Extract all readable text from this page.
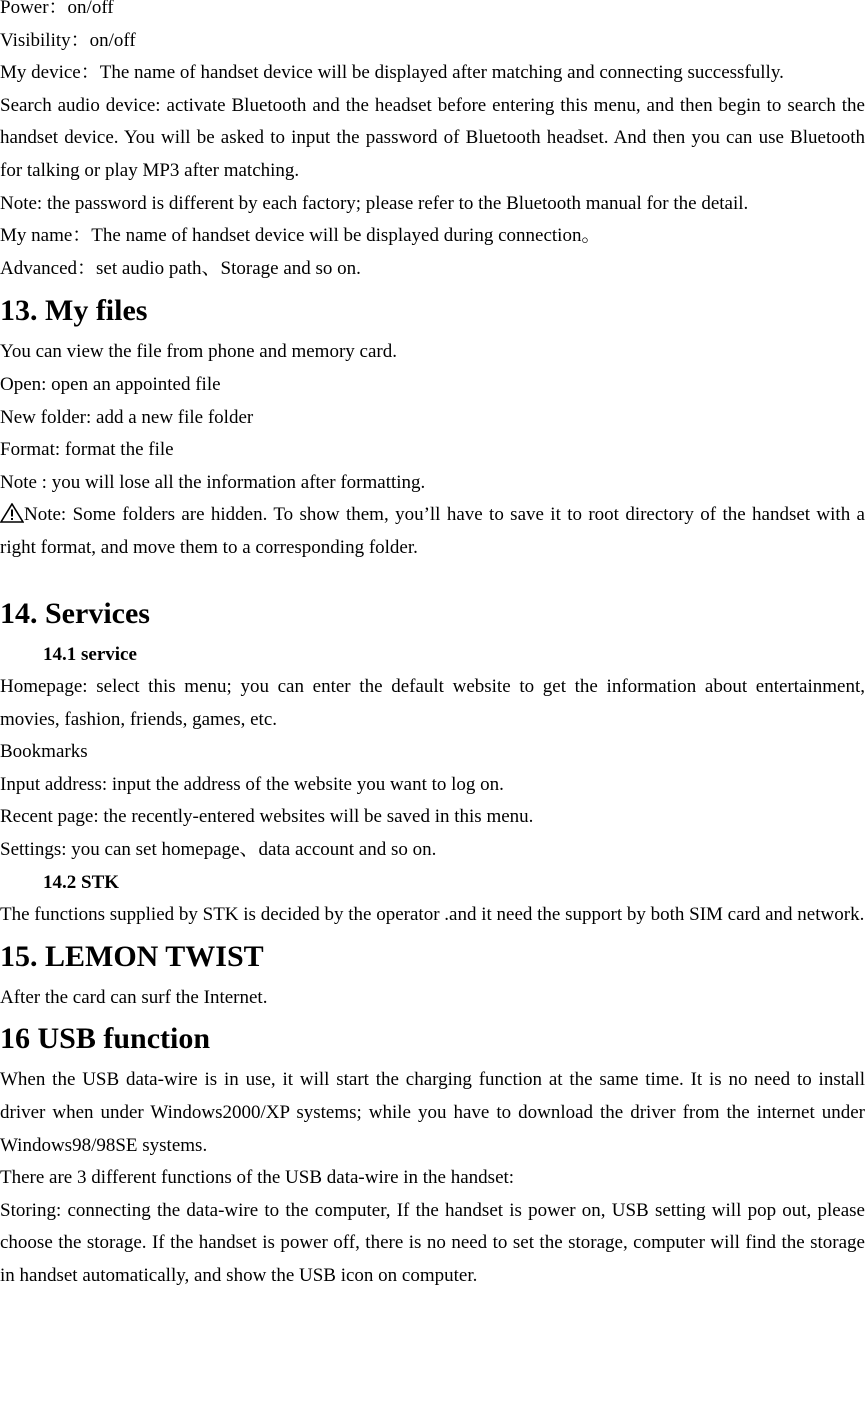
Power：on/off

Visibility：on/off

My device：The name of handset device will be displayed after matching and connecting successfully.

Search audio device: activate Bluetooth and the headset before entering this menu, and then begin to search the handset device. You will be asked to input the password of Bluetooth headset. And then you can use Bluetooth for talking or play MP3 after matching.

Note: the password is different by each factory; please refer to the Bluetooth manual for the detail.

My name：The name of handset device will be displayed during connection。

Advanced：set audio path、Storage and so on.

13. My files

You can view the file from phone and memory card.

Open: open an appointed file

New folder: add a new file folder

Format: format the file

Note : you will lose all the information after formatting.

Note: Some folders are hidden. To show them, you’ll have to save it to root directory of the handset with a right format, and move them to a corresponding folder.

14. Services
14.1 service

Homepage: select this menu; you can enter the default website to get the information about entertainment, movies, fashion, friends, games, etc.

Bookmarks

Input address: input the address of the website you want to log on.

Recent page: the recently-entered websites will be saved in this menu.

Settings: you can set homepage、data account and so on.

14.2 STK

The functions supplied by STK is decided by the operator .and it need the support by both SIM card and network.

15. LEMON TWIST

After the card can surf the Internet.

16 USB function

When the USB data-wire is in use, it will start the charging function at the same time. It is no need to install driver when under Windows2000/XP systems; while you have to download the driver from the internet under Windows98/98SE systems.

There are 3 different functions of the USB data-wire in the handset:

Storing: connecting the data-wire to the computer, If the handset is power on, USB setting will pop out, please choose the storage. If the handset is power off, there is no need to set the storage, computer will find the storage in handset automatically, and show the USB icon on computer.
